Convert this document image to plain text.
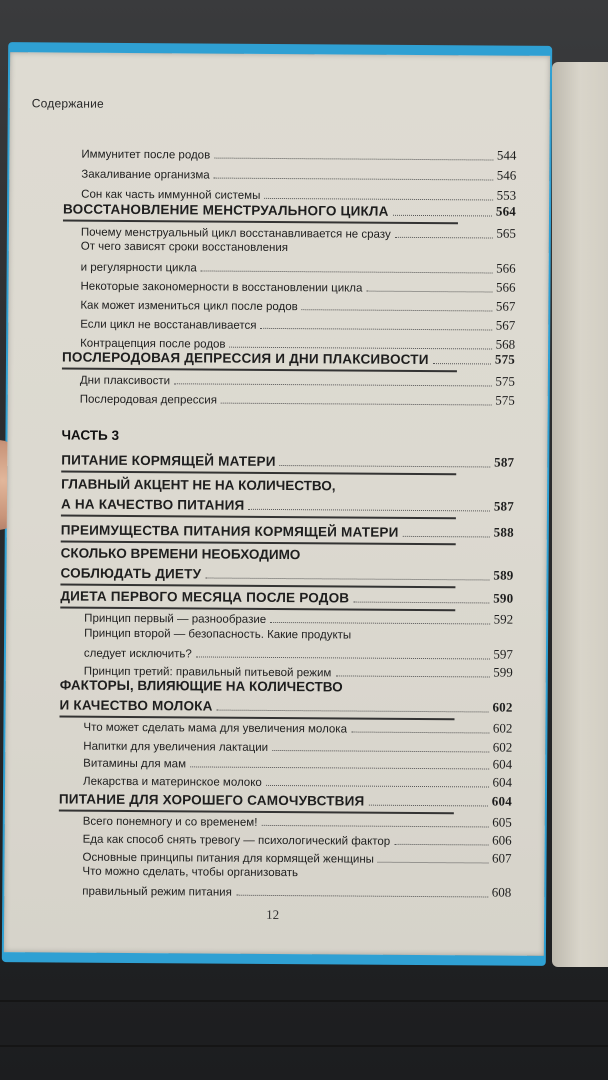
Содержание
Иммунитет после родов	544
Закаливание организма	546
Сон как часть иммунной системы	553
ВОССТАНОВЛЕНИЕ МЕНСТРУАЛЬНОГО ЦИКЛА	564
Почему менструальный цикл восстанавливается не сразу	565
От чего зависят сроки восстановления
и регулярности цикла	566
Некоторые закономерности в восстановлении цикла	566
Как может измениться цикл после родов	567
Если цикл не восстанавливается	567
Контрацепция после родов	568
ПОСЛЕРОДОВАЯ ДЕПРЕССИЯ И ДНИ ПЛАКСИВОСТИ	575
Дни плаксивости	575
Послеродовая депрессия	575
ЧАСТЬ 3
ПИТАНИЕ КОРМЯЩЕЙ МАТЕРИ	587
ГЛАВНЫЙ АКЦЕНТ НЕ НА КОЛИЧЕСТВО,
А НА КАЧЕСТВО ПИТАНИЯ	587
ПРЕИМУЩЕСТВА ПИТАНИЯ КОРМЯЩЕЙ МАТЕРИ	588
СКОЛЬКО ВРЕМЕНИ НЕОБХОДИМО
СОБЛЮДАТЬ ДИЕТУ	589
ДИЕТА ПЕРВОГО МЕСЯЦА ПОСЛЕ РОДОВ	590
Принцип первый — разнообразие	592
Принцип второй — безопасность. Какие продукты
следует исключить?	597
Принцип третий: правильный питьевой режим	599
ФАКТОРЫ, ВЛИЯЮЩИЕ НА КОЛИЧЕСТВО
И КАЧЕСТВО МОЛОКА	602
Что может сделать мама для увеличения молока	602
Напитки для увеличения лактации	602
Витамины для мам	604
Лекарства и материнское молоко	604
ПИТАНИЕ ДЛЯ ХОРОШЕГО САМОЧУВСТВИЯ	604
Всего понемногу и со временем!	605
Еда как способ снять тревогу — психологический фактор	606
Основные принципы питания для кормящей женщины	607
Что можно сделать, чтобы организовать
правильный режим питания	608
12
